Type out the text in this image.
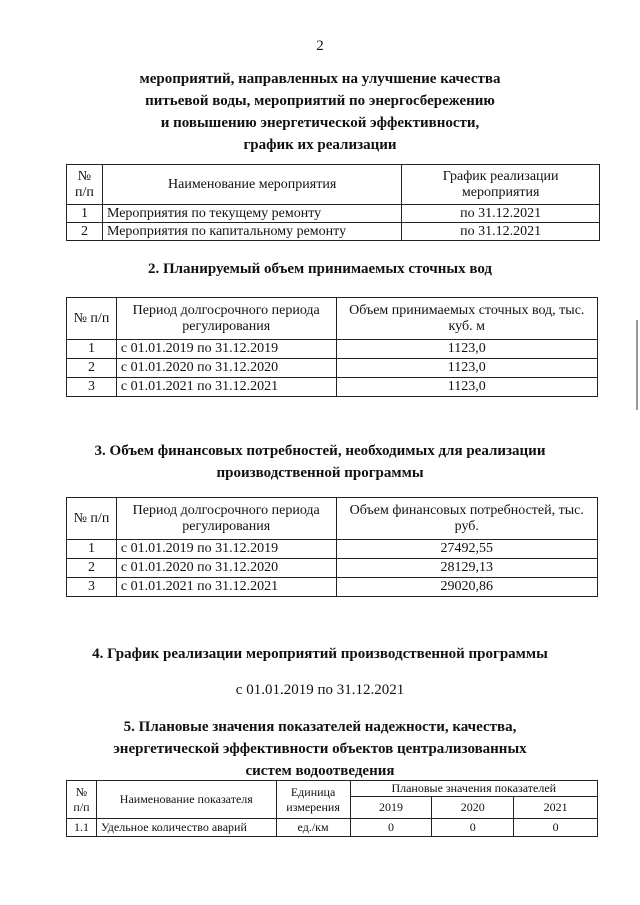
2
мероприятий, направленных на улучшение качества
питьевой воды, мероприятий по энергосбережению
и повышению энергетической эффективности,
график их реализации
№ п/п	Наименование мероприятия	График реализации мероприятия
1	Мероприятия по текущему ремонту	по 31.12.2021
2	Мероприятия по капитальному ремонту	по 31.12.2021
2. Планируемый объем принимаемых сточных вод
№ п/п	Период долгосрочного периода регулирования	Объем принимаемых сточных вод, тыс. куб. м
1	с 01.01.2019 по 31.12.2019	1123,0
2	с 01.01.2020 по 31.12.2020	1123,0
3	с 01.01.2021 по 31.12.2021	1123,0
3. Объем финансовых потребностей, необходимых для реализации
производственной программы
№ п/п	Период долгосрочного периода регулирования	Объем финансовых потребностей, тыс. руб.
1	с 01.01.2019 по 31.12.2019	27492,55
2	с 01.01.2020 по 31.12.2020	28129,13
3	с 01.01.2021 по 31.12.2021	29020,86
4. График реализации мероприятий производственной программы
с 01.01.2019 по 31.12.2021
5. Плановые значения показателей надежности, качества,
энергетической эффективности объектов централизованных
систем водоотведения
№ п/п	Наименование показателя	Единица измерения	Плановые значения показателей		
			2019	2020	2021
1.1	Удельное количество аварий	ед./км	0	0	0
